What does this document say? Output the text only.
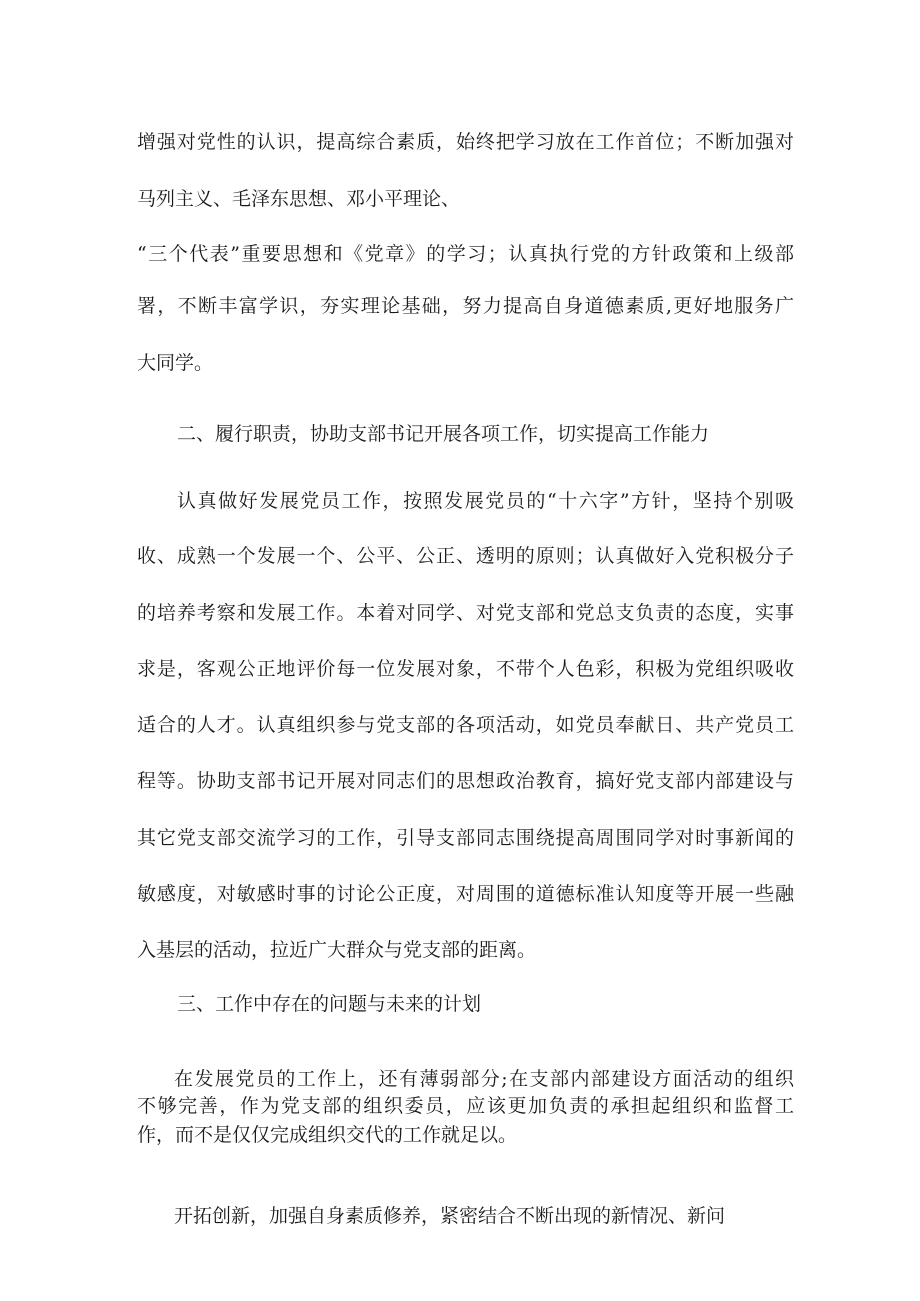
增强对党性的认识，提高综合素质，始终把学习放在工作首位；不断加强对
马列主义、毛泽东思想、邓小平理论、
“三个代表”重要思想和《党章》的学习；认真执行党的方针政策和上级部
署，不断丰富学识，夯实理论基础，努力提高自身道德素质,更好地服务广
大同学。
二、履行职责，协助支部书记开展各项工作，切实提高工作能力
认真做好发展党员工作，按照发展党员的“十六字”方针，坚持个别吸
收、成熟一个发展一个、公平、公正、透明的原则；认真做好入党积极分子
的培养考察和发展工作。本着对同学、对党支部和党总支负责的态度，实事
求是，客观公正地评价每一位发展对象，不带个人色彩，积极为党组织吸收
适合的人才。认真组织参与党支部的各项活动，如党员奉献日、共产党员工
程等。协助支部书记开展对同志们的思想政治教育，搞好党支部内部建设与
其它党支部交流学习的工作，引导支部同志围绕提高周围同学对时事新闻的
敏感度，对敏感时事的讨论公正度，对周围的道德标准认知度等开展一些融
入基层的活动，拉近广大群众与党支部的距离。
三、工作中存在的问题与未来的计划
在发展党员的工作上，还有薄弱部分;在支部内部建设方面活动的组织
不够完善，作为党支部的组织委员，应该更加负责的承担起组织和监督工
作，而不是仅仅完成组织交代的工作就足以。
开拓创新，加强自身素质修养，紧密结合不断出现的新情况、新问
